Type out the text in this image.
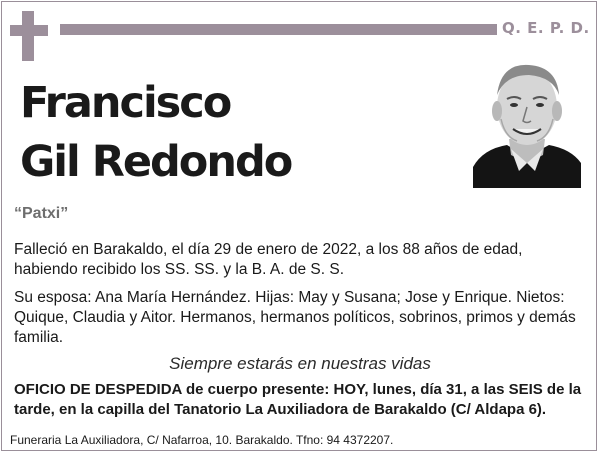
Q. E. P. D.
Francisco
Gil Redondo
“Patxi”
Falleció en Barakaldo, el día 29 de enero de 2022, a los 88 años de edad, habiendo recibido los SS. SS. y la B. A. de S. S.
Su esposa: Ana María Hernández. Hijas: May y Susana; Jose y Enrique. Nietos: Quique, Claudia y Aitor. Hermanos, hermanos políticos, sobrinos, primos y demás familia.
Siempre estarás en nuestras vidas
OFICIO DE DESPEDIDA de cuerpo presente: HOY, lunes, día 31, a las SEIS de la tarde, en la capilla del Tanatorio La Auxiliadora de Barakaldo (C/ Aldapa 6).
Funeraria La Auxiliadora, C/ Nafarroa, 10. Barakaldo. Tfno: 94 4372207.
